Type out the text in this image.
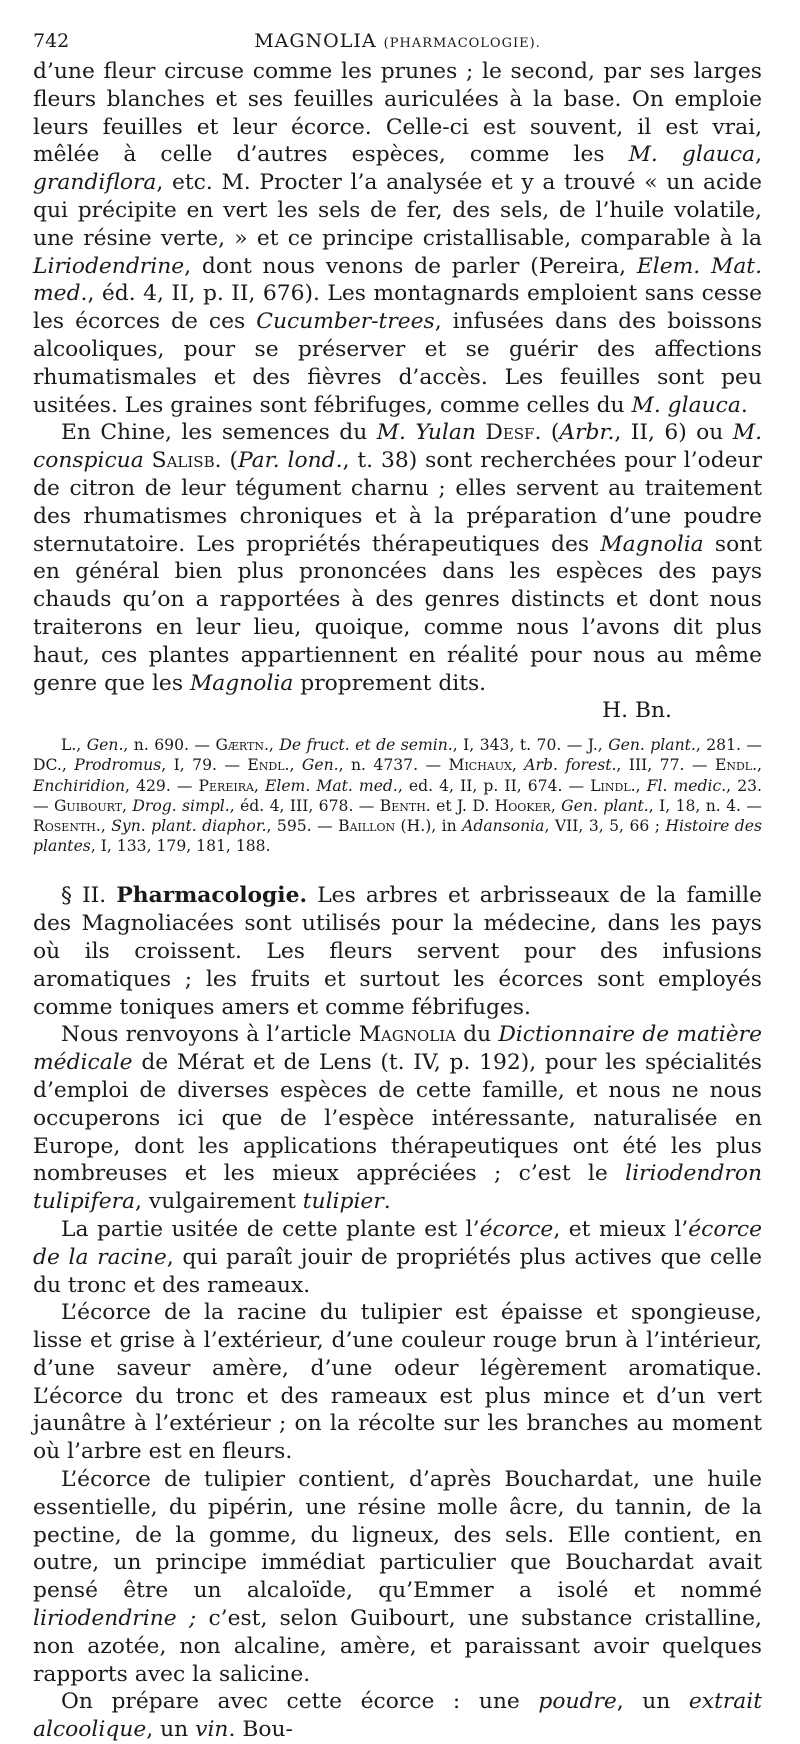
742	MAGNOLIA (PHARMACOLOGIE).

d’une fleur circuse comme les prunes ; le second, par ses larges fleurs blanches et ses feuilles auriculées à la base. On emploie leurs feuilles et leur écorce. Celle-ci est souvent, il est vrai, mêlée à celle d’autres espèces, comme les M. glauca, grandiflora, etc. M. Procter l’a analysée et y a trouvé « un acide qui précipite en vert les sels de fer, des sels, de l’huile volatile, une résine verte, » et ce principe cristallisable, comparable à la Liriodendrine, dont nous venons de parler (Pereira, Elem. Mat. med., éd. 4, II, p. II, 676). Les montagnards emploient sans cesse les écorces de ces Cucumber-trees, infusées dans des boissons alcooliques, pour se préserver et se guérir des affections rhumatismales et des fièvres d’accès. Les feuilles sont peu usitées. Les graines sont fébrifuges, comme celles du M. glauca.

En Chine, les semences du M. Yulan Desf. (Arbr., II, 6) ou M. conspicua Salisb. (Par. lond., t. 38) sont recherchées pour l’odeur de citron de leur tégument charnu ; elles servent au traitement des rhumatismes chroniques et à la préparation d’une poudre sternutatoire. Les propriétés thérapeutiques des Magnolia sont en général bien plus prononcées dans les espèces des pays chauds qu’on a rapportées à des genres distincts et dont nous traiterons en leur lieu, quoique, comme nous l’avons dit plus haut, ces plantes appartiennent en réalité pour nous au même genre que les Magnolia proprement dits.

H. Bn.

L., Gen., n. 690. — Gærtn., De fruct. et de semin., I, 343, t. 70. — J., Gen. plant., 281. — DC., Prodromus, I, 79. — Endl., Gen., n. 4737. — Michaux, Arb. forest., III, 77. — Endl., Enchiridion, 429. — Pereira, Elem. Mat. med., ed. 4, II, p. II, 674. — Lindl., Fl. medic., 23. — Guibourt, Drog. simpl., éd. 4, III, 678. — Benth. et J. D. Hooker, Gen. plant., I, 18, n. 4. — Rosenth., Syn. plant. diaphor., 595. — Baillon (H.), in Adansonia, VII, 3, 5, 66 ; Histoire des plantes, I, 133, 179, 181, 188.

§ II. Pharmacologie. Les arbres et arbrisseaux de la famille des Magnoliacées sont utilisés pour la médecine, dans les pays où ils croissent. Les fleurs servent pour des infusions aromatiques ; les fruits et surtout les écorces sont employés comme toniques amers et comme fébrifuges.

Nous renvoyons à l’article Magnolia du Dictionnaire de matière médicale de Mérat et de Lens (t. IV, p. 192), pour les spécialités d’emploi de diverses espèces de cette famille, et nous ne nous occuperons ici que de l’espèce intéressante, naturalisée en Europe, dont les applications thérapeutiques ont été les plus nombreuses et les mieux appréciées ; c’est le liriodendron tulipifera, vulgairement tulipier.

La partie usitée de cette plante est l’écorce, et mieux l’écorce de la racine, qui paraît jouir de propriétés plus actives que celle du tronc et des rameaux.

L’écorce de la racine du tulipier est épaisse et spongieuse, lisse et grise à l’extérieur, d’une couleur rouge brun à l’intérieur, d’une saveur amère, d’une odeur légèrement aromatique. L’écorce du tronc et des rameaux est plus mince et d’un vert jaunâtre à l’extérieur ; on la récolte sur les branches au moment où l’arbre est en fleurs.

L’écorce de tulipier contient, d’après Bouchardat, une huile essentielle, du pipérin, une résine molle âcre, du tannin, de la pectine, de la gomme, du ligneux, des sels. Elle contient, en outre, un principe immédiat particulier que Bouchardat avait pensé être un alcaloïde, qu’Emmer a isolé et nommé liriodendrine ; c’est, selon Guibourt, une substance cristalline, non azotée, non alcaline, amère, et paraissant avoir quelques rapports avec la salicine.

On prépare avec cette écorce : une poudre, un extrait alcoolique, un vin. Bou-
